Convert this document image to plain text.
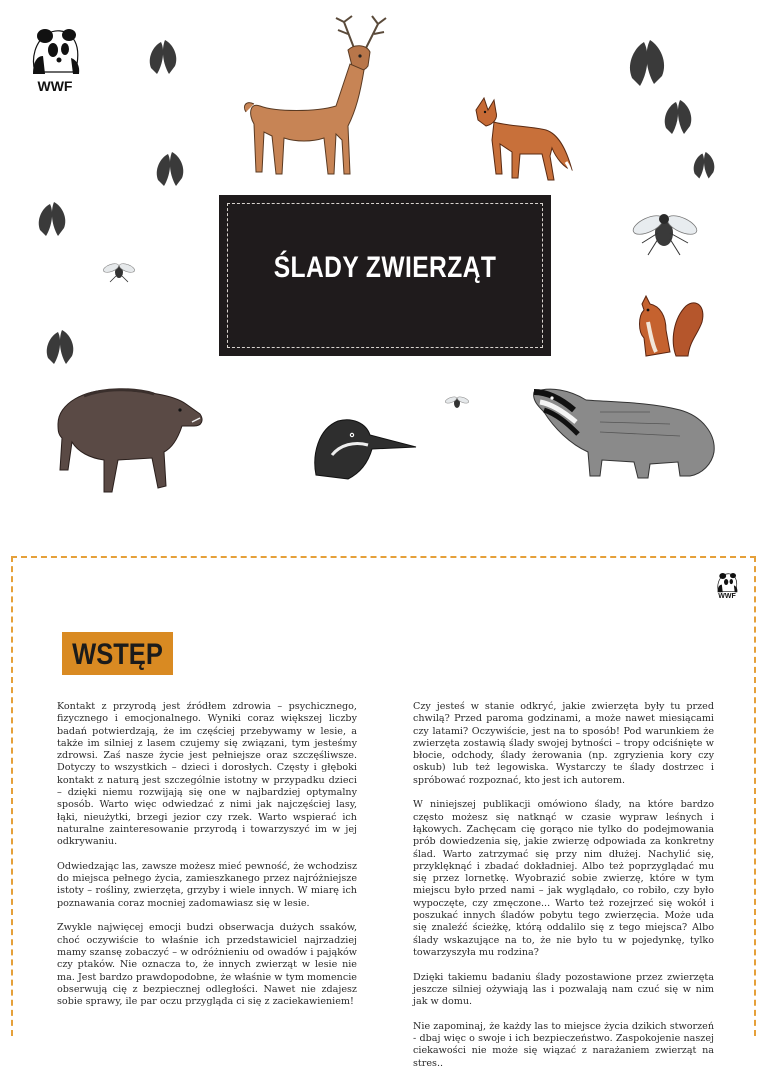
WWF
ŚLADY ZWIERZĄT
WWF
WSTĘP

Kontakt z przyrodą jest źródłem zdrowia – psychicznego, fizycznego i emocjonalnego. Wyniki coraz większej liczby badań potwierdzają, że im częściej przebywamy w lesie, a także im silniej z lasem czujemy się związani, tym jesteśmy zdrowsi. Zaś nasze życie jest pełniejsze oraz szczęśliwsze. Dotyczy to wszystkich – dzieci i dorosłych. Częsty i głęboki kontakt z naturą jest szczególnie istotny w przypadku dzieci – dzięki niemu rozwijają się one w najbardziej optymalny sposób. Warto więc odwiedzać z nimi jak najczęściej lasy, łąki, nieużytki, brzegi jezior czy rzek. Warto wspierać ich naturalne zainteresowanie przyrodą i towarzyszyć im w jej odkrywaniu.

Odwiedzając las, zawsze możesz mieć pewność, że wchodzisz do miejsca pełnego życia, zamieszkanego przez najróżniejsze istoty – rośliny, zwierzęta, grzyby i wiele innych. W miarę ich poznawania coraz mocniej zadomawiasz się w lesie.

Zwykle najwięcej emocji budzi obserwacja dużych ssaków, choć oczywiście to właśnie ich przedstawiciel najrzadziej mamy szansę zobaczyć – w odróżnieniu od owadów i pająków czy ptaków. Nie oznacza to, że innych zwierząt w lesie nie ma. Jest bardzo prawdopodobne, że właśnie w tym momencie obserwują cię z bezpiecznej odległości. Nawet nie zdajesz sobie sprawy, ile par oczu przygląda ci się z zaciekawieniem!

Czy jesteś w stanie odkryć, jakie zwierzęta były tu przed chwilą? Przed paroma godzinami, a może nawet miesiącami czy latami? Oczywiście, jest na to sposób! Pod warunkiem że zwierzęta zostawią ślady swojej bytności – tropy odciśnięte w błocie, odchody, ślady żerowania (np. zgryzienia kory czy oskub) lub też legowiska. Wystarczy te ślady dostrzec i spróbować rozpoznać, kto jest ich autorem.

W niniejszej publikacji omówiono ślady, na które bardzo często możesz się natknąć w czasie wypraw leśnych i łąkowych. Zachęcam cię gorąco nie tylko do podejmowania prób dowiedzenia się, jakie zwierzę odpowiada za konkretny ślad. Warto zatrzymać się przy nim dłużej. Nachylić się, przyklęknąć i zbadać dokładniej. Albo też poprzyglądać mu się przez lornetkę. Wyobrazić sobie zwierzę, które w tym miejscu było przed nami – jak wyglądało, co robiło, czy było wypoczęte, czy zmęczone... Warto też rozejrzeć się wokół i poszukać innych śladów pobytu tego zwierzęcia. Może uda się znaleźć ścieżkę, którą oddalilo się z tego miejsca? Albo ślady wskazujące na to, że nie było tu w pojedynkę, tylko towarzyszyła mu rodzina?

Dzięki takiemu badaniu ślady pozostawione przez zwierzęta jeszcze silniej ożywiają las i pozwalają nam czuć się w nim jak w domu.

Nie zapominaj, że każdy las to miejsce życia dzikich stworzeń - dbaj więc o swoje i ich bezpieczeństwo. Zaspokojenie naszej ciekawości nie może się wiązać z narażaniem zwierząt na stres..
